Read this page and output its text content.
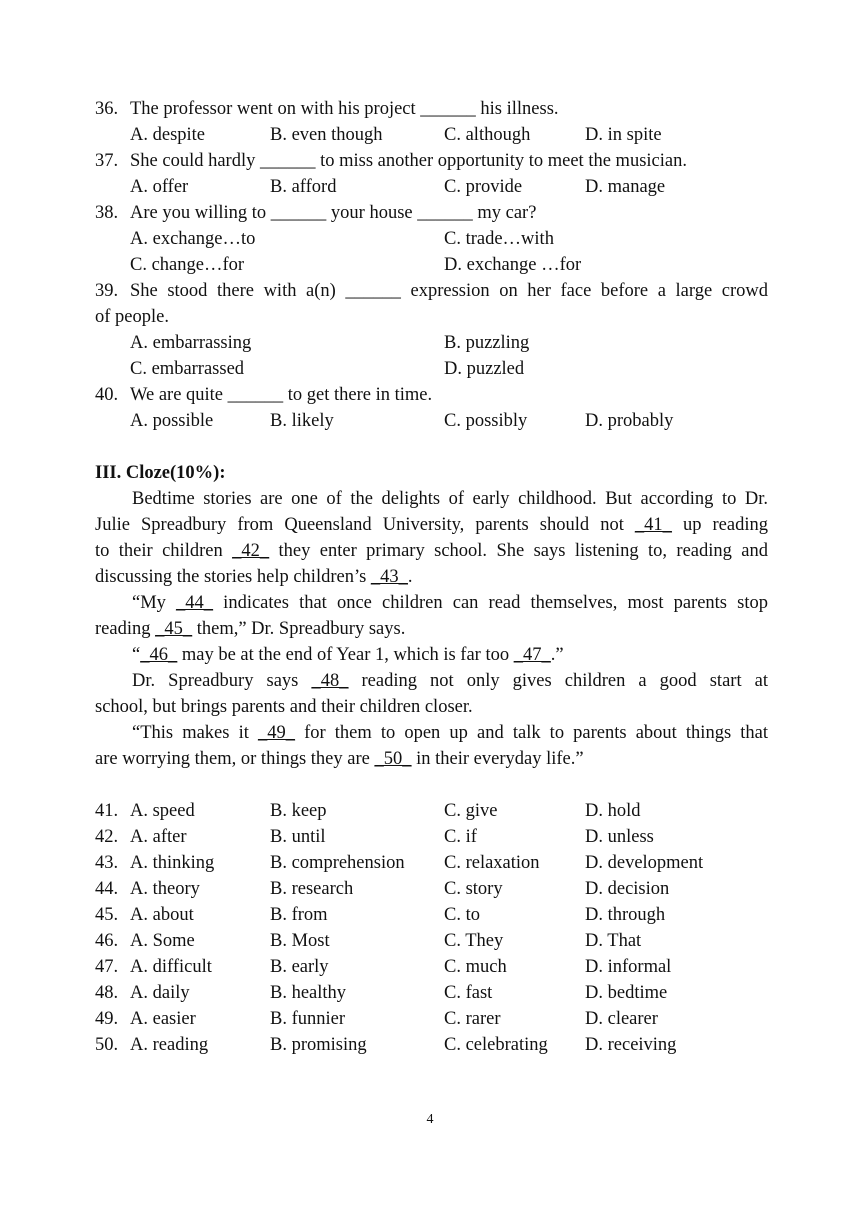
36. The professor went on with his project ______ his illness.
A. despite	B. even though	C. although	D. in spite
37. She could hardly ______ to miss another opportunity to meet the musician.
A. offer	B. afford	C. provide	D. manage
38. Are you willing to ______ your house ______ my car?
A. exchange…to	C. trade…with
C. change…for	D. exchange …for
39. She stood there with a(n) ______ expression on her face before a large crowd
of people.
A. embarrassing	B. puzzling
C. embarrassed	D. puzzled
40. We are quite ______ to get there in time.
A. possible	B. likely	C. possibly	D. probably
III. Cloze(10%):
Bedtime stories are one of the delights of early childhood. But according to Dr.
Julie Spreadbury from Queensland University, parents should not _41_ up reading
to their children _42_ they enter primary school. She says listening to, reading and
discussing the stories help children’s _43_.
“My _44_ indicates that once children can read themselves, most parents stop
reading _45_ them,” Dr. Spreadbury says.
“_46_ may be at the end of Year 1, which is far too _47_.”
Dr. Spreadbury says _48_ reading not only gives children a good start at
school, but brings parents and their children closer.
“This makes it _49_ for them to open up and talk to parents about things that
are worrying them, or things they are _50_ in their everyday life.”
41. A. speed	B. keep	C. give	D. hold
42. A. after	B. until	C. if	D. unless
43. A. thinking	B. comprehension C. relaxation D. development
44. A. theory	B. research	C. story	D. decision
45. A. about	B. from	C. to	D. through
46. A. Some	B. Most	C. They	D. That
47. A. difficult	B. early	C. much	D. informal
48. A. daily	B. healthy	C. fast	D. bedtime
49. A. easier	B. funnier	C. rarer	D. clearer
50. A. reading	B. promising	C. celebrating D. receiving
4
